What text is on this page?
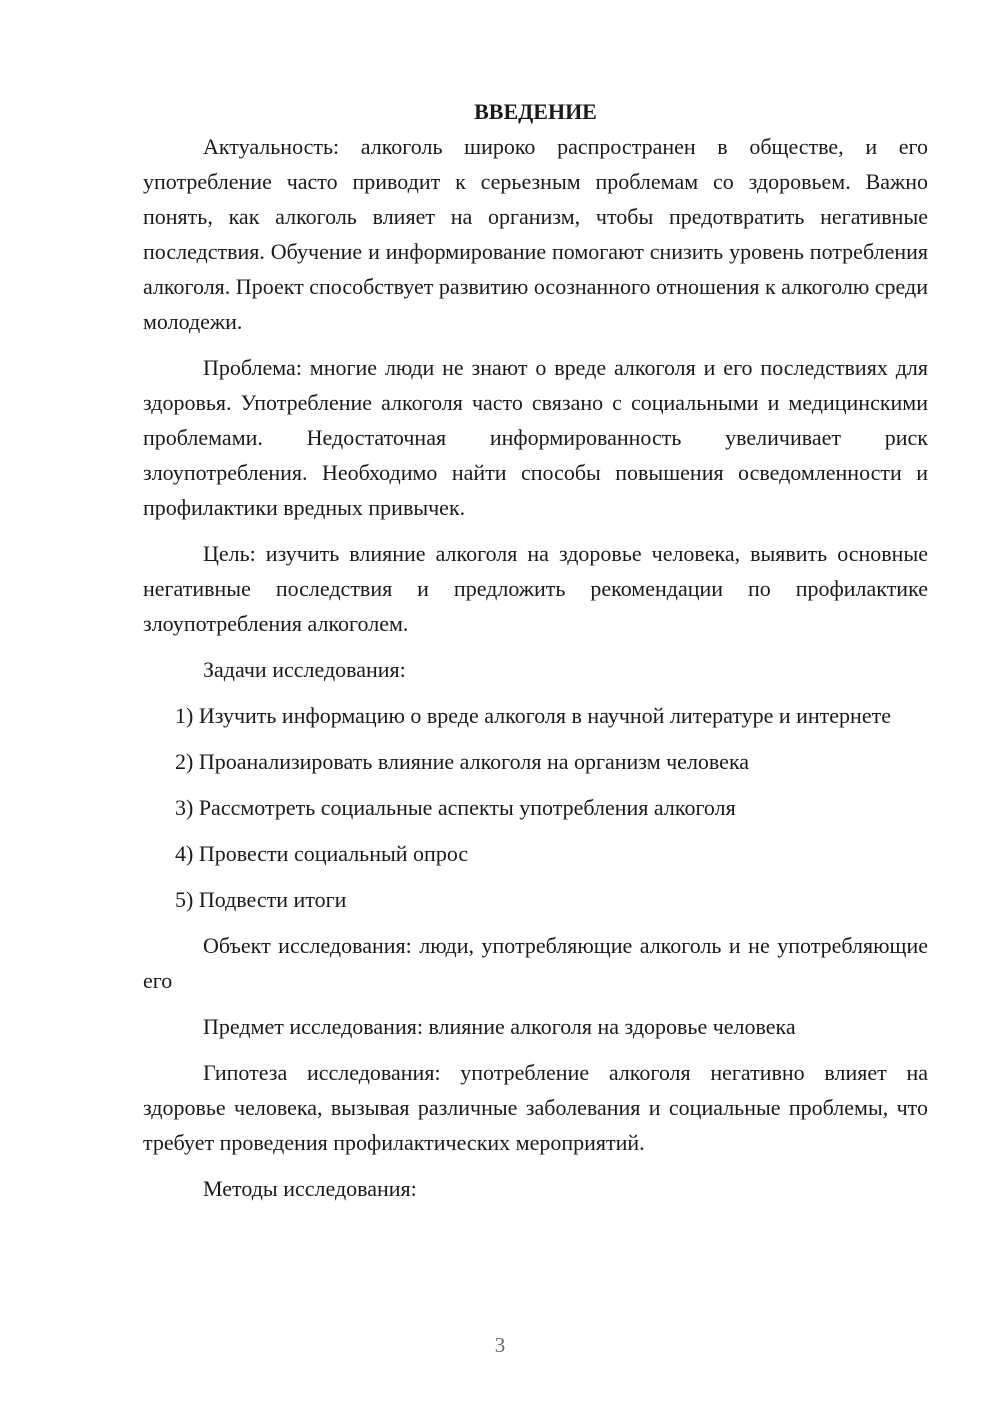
ВВЕДЕНИЕ

Актуальность: алкоголь широко распространен в обществе, и его употребление часто приводит к серьезным проблемам со здоровьем. Важно понять, как алкоголь влияет на организм, чтобы предотвратить негативные последствия. Обучение и информирование помогают снизить уровень потребления алкоголя. Проект способствует развитию осознанного отношения к алкоголю среди молодежи.

Проблема: многие люди не знают о вреде алкоголя и его последствиях для здоровья. Употребление алкоголя часто связано с социальными и медицинскими проблемами. Недостаточная информированность увеличивает риск злоупотребления. Необходимо найти способы повышения осведомленности и профилактики вредных привычек.

Цель: изучить влияние алкоголя на здоровье человека, выявить основные негативные последствия и предложить рекомендации по профилактике злоупотребления алкоголем.

Задачи исследования:

1) Изучить информацию о вреде алкоголя в научной литературе и интернете

2) Проанализировать влияние алкоголя на организм человека

3) Рассмотреть социальные аспекты употребления алкоголя

4) Провести социальный опрос

5) Подвести итоги

Объект исследования: люди, употребляющие алкоголь и не употребляющие его

Предмет исследования: влияние алкоголя на здоровье человека

Гипотеза исследования: употребление алкоголя негативно влияет на здоровье человека, вызывая различные заболевания и социальные проблемы, что требует проведения профилактических мероприятий.

Методы исследования:

3
